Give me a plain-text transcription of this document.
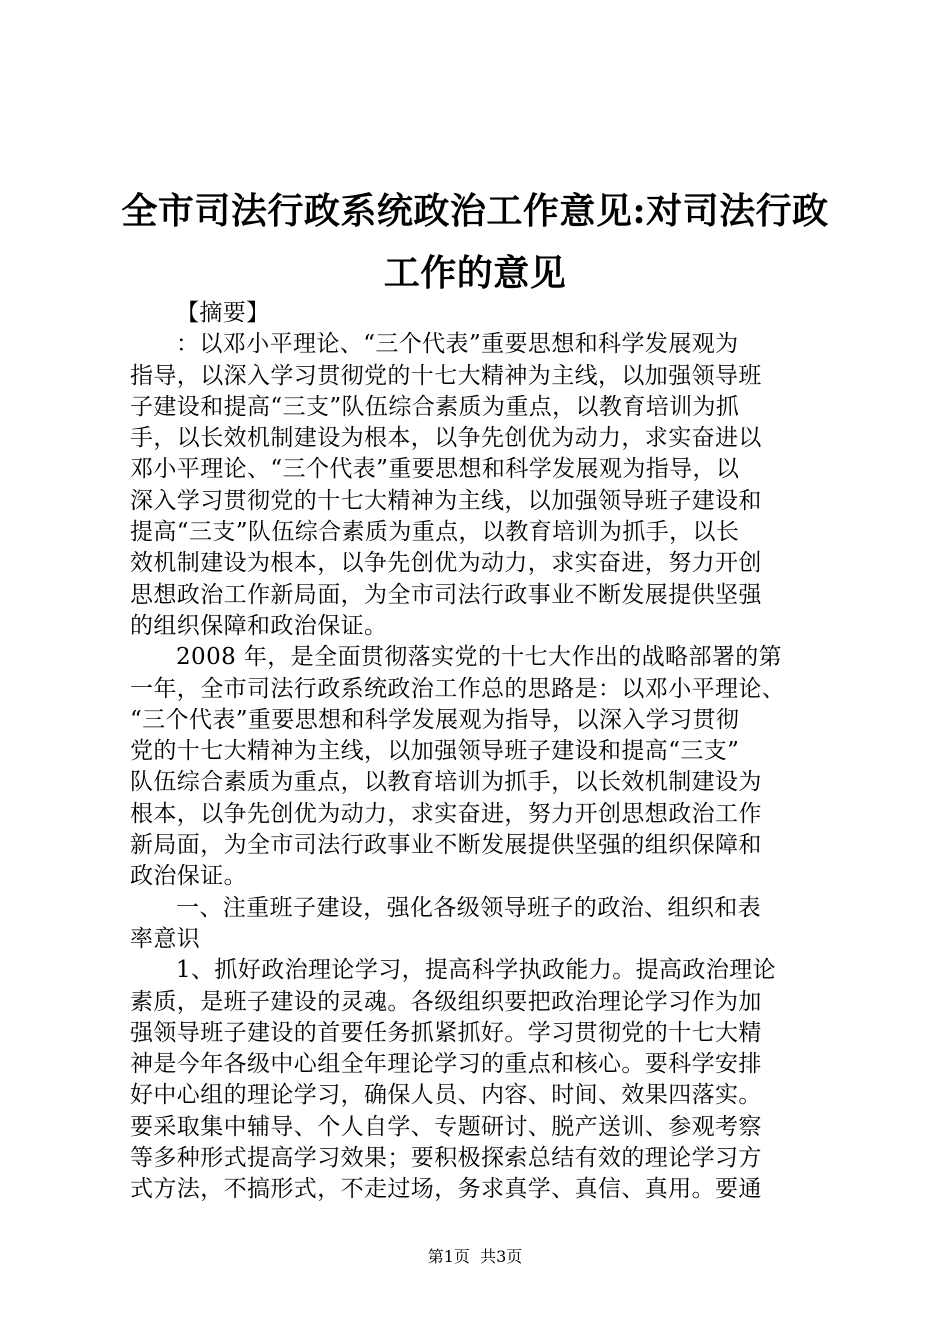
全市司法行政系统政治工作意见:对司法行政
工作的意见
【摘要】
：以邓小平理论、“三个代表”重要思想和科学发展观为
指导，以深入学习贯彻党的十七大精神为主线，以加强领导班
子建设和提高“三支”队伍综合素质为重点，以教育培训为抓
手，以长效机制建设为根本，以争先创优为动力，求实奋进以
邓小平理论、“三个代表”重要思想和科学发展观为指导，以
深入学习贯彻党的十七大精神为主线，以加强领导班子建设和
提高“三支”队伍综合素质为重点，以教育培训为抓手，以长
效机制建设为根本，以争先创优为动力，求实奋进，努力开创
思想政治工作新局面，为全市司法行政事业不断发展提供坚强
的组织保障和政治保证。
2008 年，是全面贯彻落实党的十七大作出的战略部署的第
一年，全市司法行政系统政治工作总的思路是：以邓小平理论、
“三个代表”重要思想和科学发展观为指导，以深入学习贯彻
党的十七大精神为主线，以加强领导班子建设和提高“三支”
队伍综合素质为重点，以教育培训为抓手，以长效机制建设为
根本，以争先创优为动力，求实奋进，努力开创思想政治工作
新局面，为全市司法行政事业不断发展提供坚强的组织保障和
政治保证。
一、注重班子建设，强化各级领导班子的政治、组织和表
率意识
1、抓好政治理论学习，提高科学执政能力。提高政治理论
素质，是班子建设的灵魂。各级组织要把政治理论学习作为加
强领导班子建设的首要任务抓紧抓好。学习贯彻党的十七大精
神是今年各级中心组全年理论学习的重点和核心。要科学安排
好中心组的理论学习，确保人员、内容、时间、效果四落实。
要采取集中辅导、个人自学、专题研讨、脱产送训、参观考察
等多种形式提高学习效果；要积极探索总结有效的理论学习方
式方法，不搞形式，不走过场，务求真学、真信、真用。要通
第1页  共3页
